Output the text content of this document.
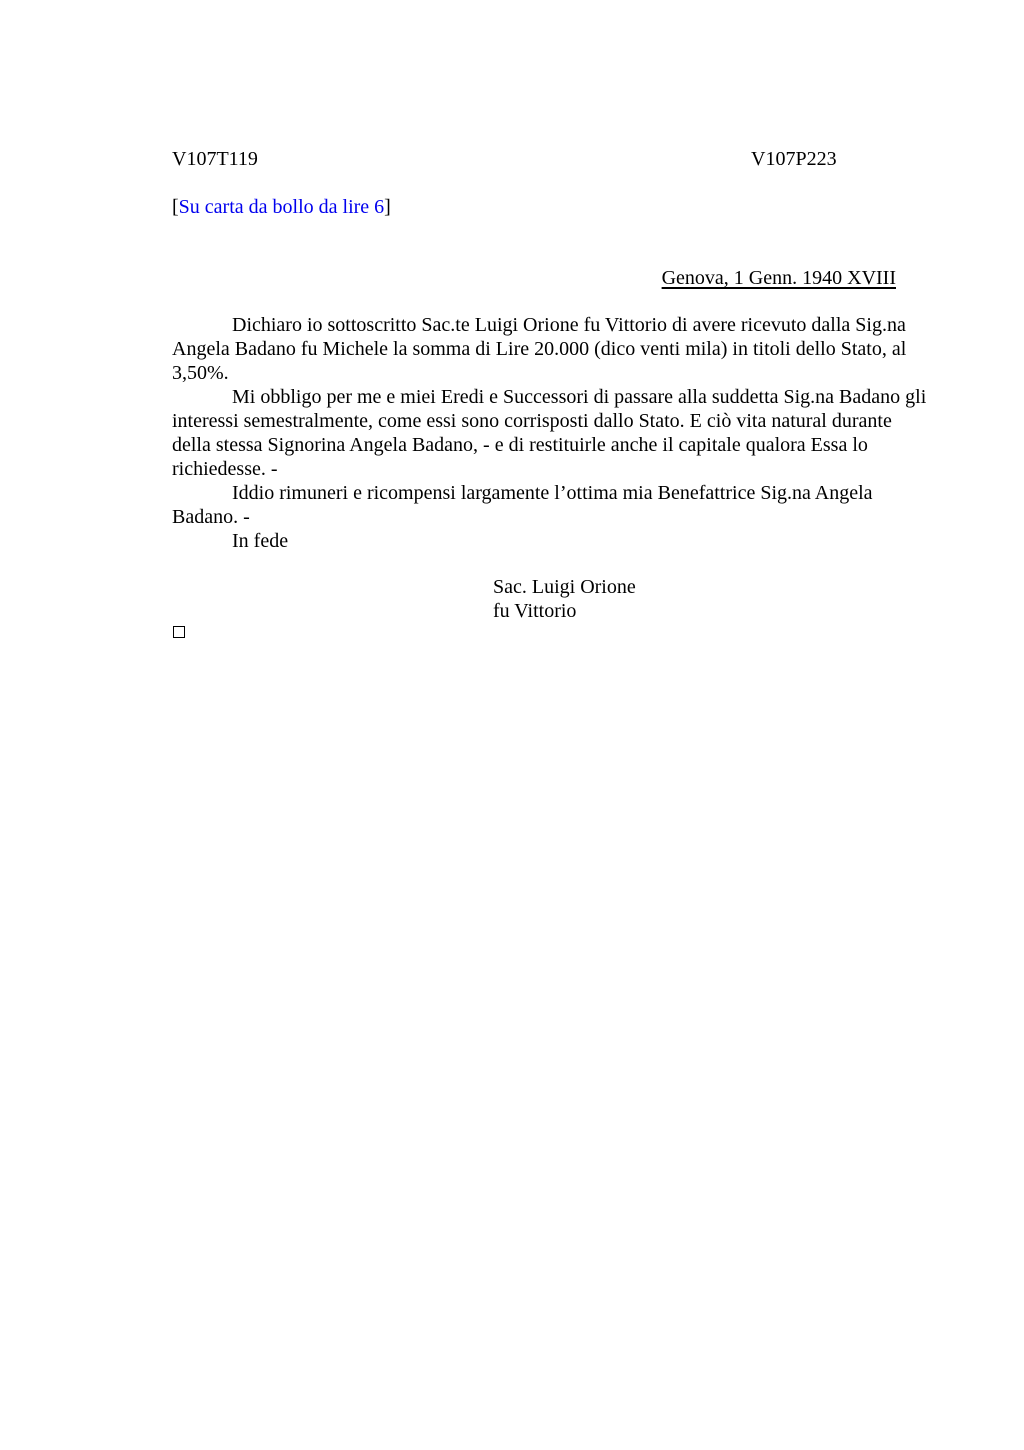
V107T119	V107P223
[Su carta da bollo da lire 6]
Genova, 1 Genn. 1940 XVIII

Dichiaro io sottoscritto Sac.te Luigi Orione fu Vittorio di avere ricevuto dalla Sig.na Angela Badano fu Michele la somma di Lire 20.000 (dico venti mila) in titoli dello Stato, al 3,50%.

Mi obbligo per me e miei Eredi e Successori di passare alla suddetta Sig.na Badano gli interessi semestralmente, come essi sono corrisposti dallo Stato. E ciò vita natural durante della stessa Signorina Angela Badano, - e di restituirle anche il capitale qualora Essa lo richiedesse. -

Iddio rimuneri e ricompensi largamente l’ottima mia Benefattrice Sig.na Angela Badano. -

In fede

Sac. Luigi Orione
fu Vittorio
